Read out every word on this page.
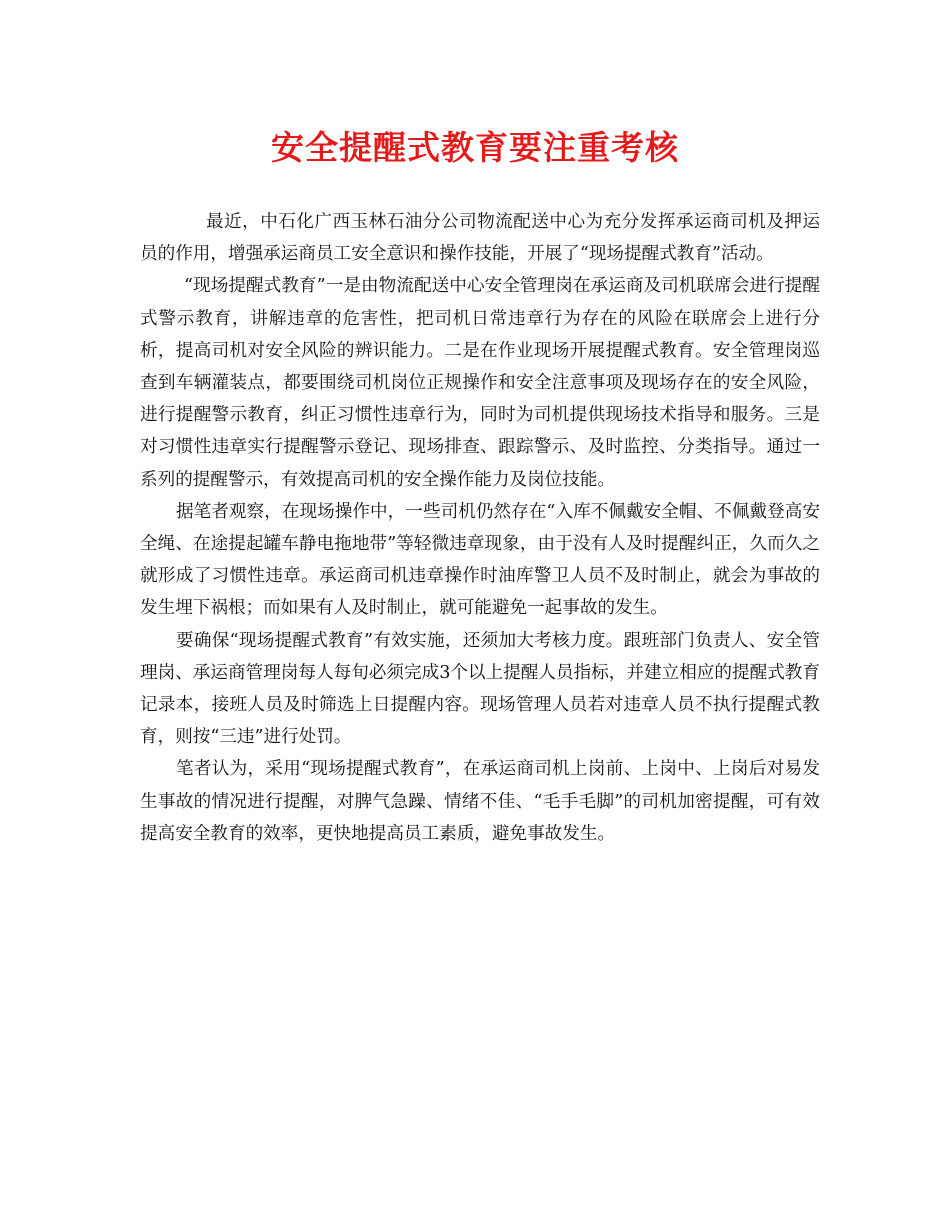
安全提醒式教育要注重考核

最近，中石化广西玉林石油分公司物流配送中心为充分发挥承运商司机及押运员的作用，增强承运商员工安全意识和操作技能，开展了“现场提醒式教育”活动。

“现场提醒式教育”一是由物流配送中心安全管理岗在承运商及司机联席会进行提醒式警示教育，讲解违章的危害性，把司机日常违章行为存在的风险在联席会上进行分析，提高司机对安全风险的辨识能力。二是在作业现场开展提醒式教育。安全管理岗巡查到车辆灌装点，都要围绕司机岗位正规操作和安全注意事项及现场存在的安全风险，进行提醒警示教育，纠正习惯性违章行为，同时为司机提供现场技术指导和服务。三是对习惯性违章实行提醒警示登记、现场排查、跟踪警示、及时监控、分类指导。通过一系列的提醒警示，有效提高司机的安全操作能力及岗位技能。

据笔者观察，在现场操作中，一些司机仍然存在“入库不佩戴安全帽、不佩戴登高安全绳、在途提起罐车静电拖地带”等轻微违章现象，由于没有人及时提醒纠正，久而久之就形成了习惯性违章。承运商司机违章操作时油库警卫人员不及时制止，就会为事故的发生埋下祸根；而如果有人及时制止，就可能避免一起事故的发生。

要确保“现场提醒式教育”有效实施，还须加大考核力度。跟班部门负责人、安全管理岗、承运商管理岗每人每旬必须完成3个以上提醒人员指标，并建立相应的提醒式教育记录本，接班人员及时筛选上日提醒内容。现场管理人员若对违章人员不执行提醒式教育，则按“三违”进行处罚。

笔者认为，采用“现场提醒式教育”，在承运商司机上岗前、上岗中、上岗后对易发生事故的情况进行提醒，对脾气急躁、情绪不佳、“毛手毛脚”的司机加密提醒，可有效提高安全教育的效率，更快地提高员工素质，避免事故发生。
